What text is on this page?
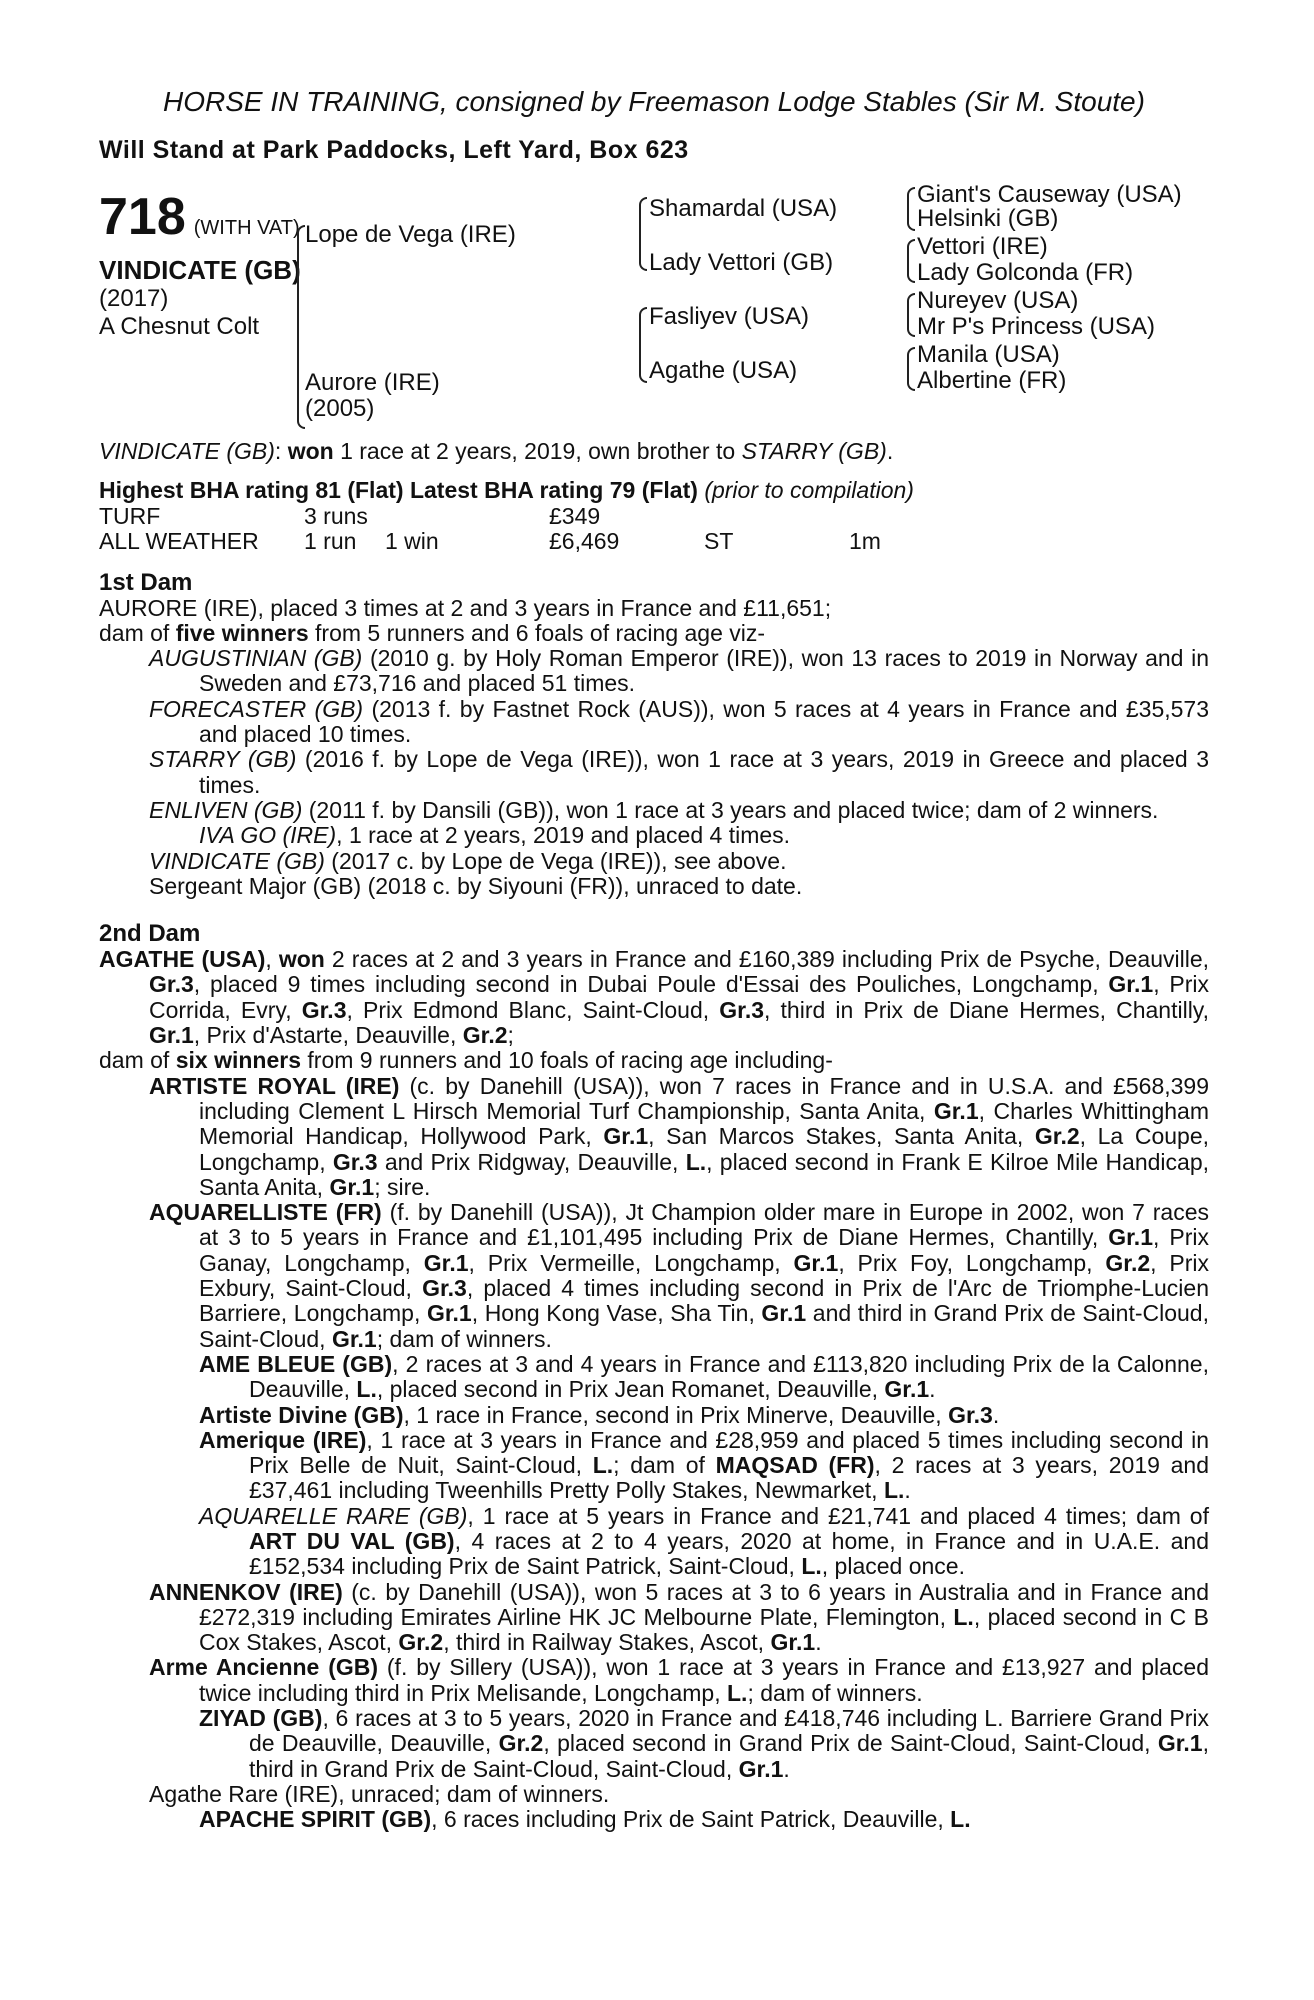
HORSE IN TRAINING, consigned by Freemason Lodge Stables (Sir M. Stoute)
Will Stand at Park Paddocks, Left Yard, Box 623
718 (WITH VAT)
VINDICATE (GB)
(2017)
A Chesnut Colt
Lope de Vega (IRE)
Aurore (IRE)
(2005)
Shamardal (USA)
Lady Vettori (GB)
Fasliyev (USA)
Agathe (USA)
Giant's Causeway (USA)
Helsinki (GB)
Vettori (IRE)
Lady Golconda (FR)
Nureyev (USA)
Mr P's Princess (USA)
Manila (USA)
Albertine (FR)

VINDICATE (GB): won 1 race at 2 years, 2019, own brother to STARRY (GB).

Highest BHA rating 81 (Flat) Latest BHA rating 79 (Flat) (prior to compilation)

TURF	3 runs	£349
ALL WEATHER 1 run 1 win	£6,469	ST	1m

1st Dam

AURORE (IRE), placed 3 times at 2 and 3 years in France and £11,651;

dam of five winners from 5 runners and 6 foals of racing age viz-

AUGUSTINIAN (GB) (2010 g. by Holy Roman Emperor (IRE)), won 13 races to 2019 in Norway and in Sweden and £73,716 and placed 51 times.

FORECASTER (GB) (2013 f. by Fastnet Rock (AUS)), won 5 races at 4 years in France and £35,573 and placed 10 times.

STARRY (GB) (2016 f. by Lope de Vega (IRE)), won 1 race at 3 years, 2019 in Greece and placed 3 times.

ENLIVEN (GB) (2011 f. by Dansili (GB)), won 1 race at 3 years and placed twice; dam of 2 winners.

IVA GO (IRE), 1 race at 2 years, 2019 and placed 4 times.

VINDICATE (GB) (2017 c. by Lope de Vega (IRE)), see above.

Sergeant Major (GB) (2018 c. by Siyouni (FR)), unraced to date.

2nd Dam

AGATHE (USA), won 2 races at 2 and 3 years in France and £160,389 including Prix de Psyche, Deauville, Gr.3, placed 9 times including second in Dubai Poule d'Essai des Pouliches, Longchamp, Gr.1, Prix Corrida, Evry, Gr.3, Prix Edmond Blanc, Saint-Cloud, Gr.3, third in Prix de Diane Hermes, Chantilly, Gr.1, Prix d'Astarte, Deauville, Gr.2;

dam of six winners from 9 runners and 10 foals of racing age including-

ARTISTE ROYAL (IRE) (c. by Danehill (USA)), won 7 races in France and in U.S.A. and £568,399 including Clement L Hirsch Memorial Turf Championship, Santa Anita, Gr.1, Charles Whittingham Memorial Handicap, Hollywood Park, Gr.1, San Marcos Stakes, Santa Anita, Gr.2, La Coupe, Longchamp, Gr.3 and Prix Ridgway, Deauville, L., placed second in Frank E Kilroe Mile Handicap, Santa Anita, Gr.1; sire.

AQUARELLISTE (FR) (f. by Danehill (USA)), Jt Champion older mare in Europe in 2002, won 7 races at 3 to 5 years in France and £1,101,495 including Prix de Diane Hermes, Chantilly, Gr.1, Prix Ganay, Longchamp, Gr.1, Prix Vermeille, Longchamp, Gr.1, Prix Foy, Longchamp, Gr.2, Prix Exbury, Saint-Cloud, Gr.3, placed 4 times including second in Prix de l'Arc de Triomphe-Lucien Barriere, Longchamp, Gr.1, Hong Kong Vase, Sha Tin, Gr.1 and third in Grand Prix de Saint-Cloud, Saint-Cloud, Gr.1; dam of winners.

AME BLEUE (GB), 2 races at 3 and 4 years in France and £113,820 including Prix de la Calonne, Deauville, L., placed second in Prix Jean Romanet, Deauville, Gr.1.

Artiste Divine (GB), 1 race in France, second in Prix Minerve, Deauville, Gr.3.

Amerique (IRE), 1 race at 3 years in France and £28,959 and placed 5 times including second in Prix Belle de Nuit, Saint-Cloud, L.; dam of MAQSAD (FR), 2 races at 3 years, 2019 and £37,461 including Tweenhills Pretty Polly Stakes, Newmarket, L..

AQUARELLE RARE (GB), 1 race at 5 years in France and £21,741 and placed 4 times; dam of ART DU VAL (GB), 4 races at 2 to 4 years, 2020 at home, in France and in U.A.E. and £152,534 including Prix de Saint Patrick, Saint-Cloud, L., placed once.

ANNENKOV (IRE) (c. by Danehill (USA)), won 5 races at 3 to 6 years in Australia and in France and £272,319 including Emirates Airline HK JC Melbourne Plate, Flemington, L., placed second in C B Cox Stakes, Ascot, Gr.2, third in Railway Stakes, Ascot, Gr.1.

Arme Ancienne (GB) (f. by Sillery (USA)), won 1 race at 3 years in France and £13,927 and placed twice including third in Prix Melisande, Longchamp, L.; dam of winners.

ZIYAD (GB), 6 races at 3 to 5 years, 2020 in France and £418,746 including L. Barriere Grand Prix de Deauville, Deauville, Gr.2, placed second in Grand Prix de Saint-Cloud, Saint-Cloud, Gr.1, third in Grand Prix de Saint-Cloud, Saint-Cloud, Gr.1.

Agathe Rare (IRE), unraced; dam of winners.

APACHE SPIRIT (GB), 6 races including Prix de Saint Patrick, Deauville, L.
